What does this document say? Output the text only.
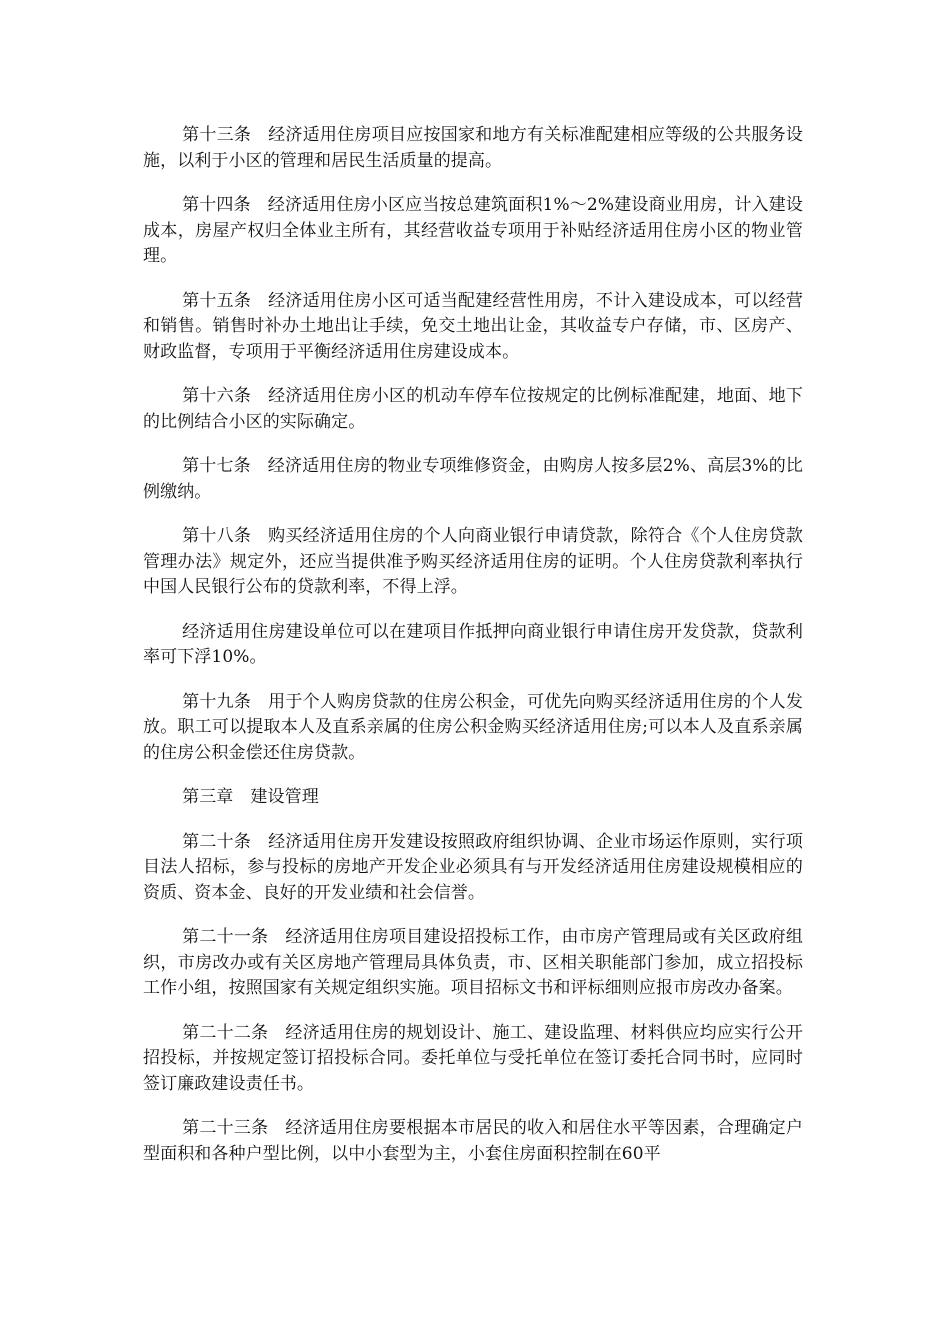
第十三条 经济适用住房项目应按国家和地方有关标准配建相应等级的公共服务设施，以利于小区的管理和居民生活质量的提高。

第十四条 经济适用住房小区应当按总建筑面积1%～2%建设商业用房，计入建设成本，房屋产权归全体业主所有，其经营收益专项用于补贴经济适用住房小区的物业管理。

第十五条 经济适用住房小区可适当配建经营性用房，不计入建设成本，可以经营和销售。销售时补办土地出让手续，免交土地出让金，其收益专户存储，市、区房产、财政监督，专项用于平衡经济适用住房建设成本。

第十六条 经济适用住房小区的机动车停车位按规定的比例标准配建，地面、地下的比例结合小区的实际确定。

第十七条 经济适用住房的物业专项维修资金，由购房人按多层2%、高层3%的比例缴纳。

第十八条 购买经济适用住房的个人向商业银行申请贷款，除符合《个人住房贷款管理办法》规定外，还应当提供准予购买经济适用住房的证明。个人住房贷款利率执行中国人民银行公布的贷款利率，不得上浮。

经济适用住房建设单位可以在建项目作抵押向商业银行申请住房开发贷款，贷款利率可下浮10%。

第十九条 用于个人购房贷款的住房公积金，可优先向购买经济适用住房的个人发放。职工可以提取本人及直系亲属的住房公积金购买经济适用住房;可以本人及直系亲属的住房公积金偿还住房贷款。

第三章 建设管理

第二十条 经济适用住房开发建设按照政府组织协调、企业市场运作原则，实行项目法人招标，参与投标的房地产开发企业必须具有与开发经济适用住房建设规模相应的资质、资本金、良好的开发业绩和社会信誉。

第二十一条 经济适用住房项目建设招投标工作，由市房产管理局或有关区政府组织，市房改办或有关区房地产管理局具体负责，市、区相关职能部门参加，成立招投标工作小组，按照国家有关规定组织实施。项目招标文书和评标细则应报市房改办备案。

第二十二条 经济适用住房的规划设计、施工、建设监理、材料供应均应实行公开招投标，并按规定签订招投标合同。委托单位与受托单位在签订委托合同书时，应同时签订廉政建设责任书。

第二十三条 经济适用住房要根据本市居民的收入和居住水平等因素，合理确定户型面积和各种户型比例，以中小套型为主，小套住房面积控制在60平
